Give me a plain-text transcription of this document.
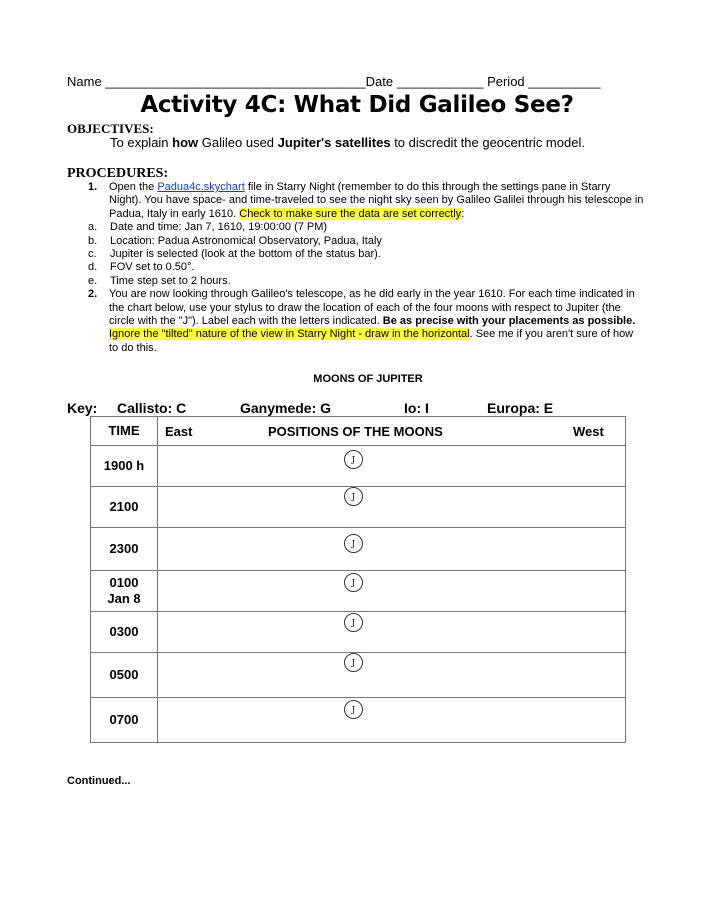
Name ____________________________________Date ____________ Period __________
Activity 4C: What Did Galileo See?
OBJECTIVES:
To explain how Galileo used Jupiter's satellites to discredit the geocentric model.
PROCEDURES:
1. Open the Padua4c.skychart file in Starry Night (remember to do this through the settings pane in Starry Night). You have space- and time-traveled to see the night sky seen by Galileo Galilei through his telescope in Padua, Italy in early 1610. Check to make sure the data are set correctly:
a. Date and time: Jan 7, 1610, 19:00:00 (7 PM)
b. Location: Padua Astronomical Observatory, Padua, Italy
c. Jupiter is selected (look at the bottom of the status bar).
d. FOV set to 0.50°.
e. Time step set to 2 hours.
2. You are now looking through Galileo's telescope, as he did early in the year 1610. For each time indicated in the chart below, use your stylus to draw the location of each of the four moons with respect to Jupiter (the circle with the "J"). Label each with the letters indicated. Be as precise with your placements as possible. Ignore the "tilted" nature of the view in Starry Night - draw in the horizontal. See me if you aren't sure of how to do this.
MOONS OF JUPITER
Key: Callisto: C	Ganymede: G	Io: I	Europa: E
TIME	East POSITIONS OF THE MOONS West

1900 h	J

2100	J

2300	J

0100
Jan 8	J

0300	J

0500	J

0700	J
Continued...
